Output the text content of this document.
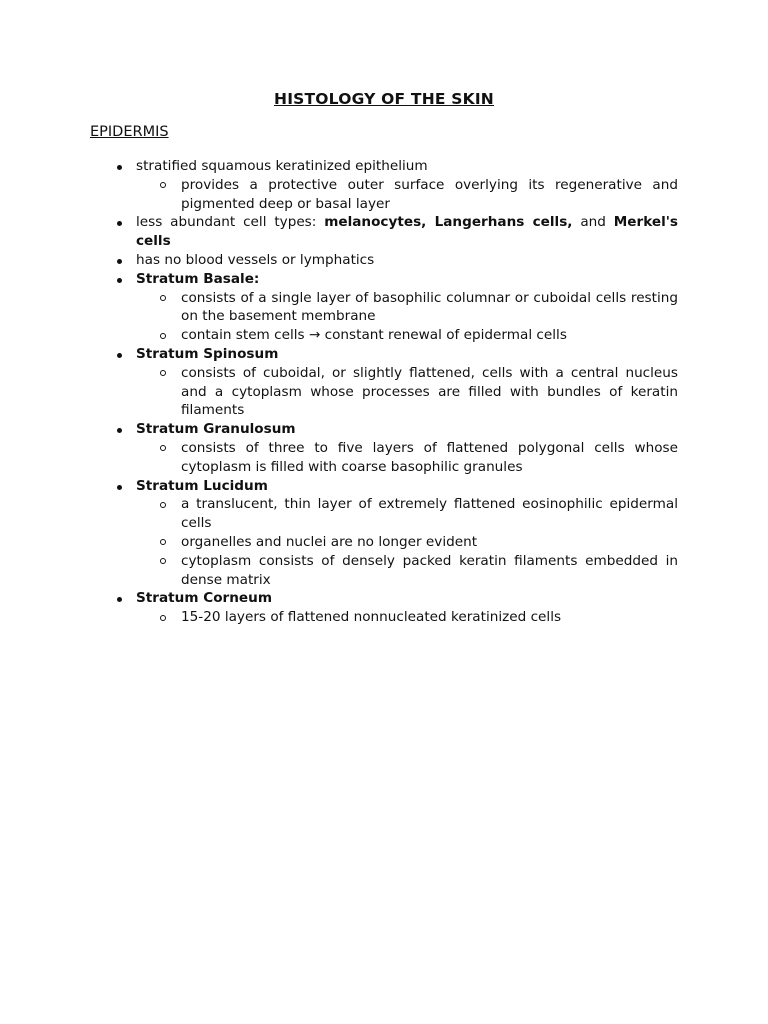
HISTOLOGY OF THE SKIN
EPIDERMIS
stratified squamous keratinized epithelium
provides a protective outer surface overlying its regenerative and pigmented deep or basal layer
less abundant cell types: melanocytes, Langerhans cells, and Merkel's cells
has no blood vessels or lymphatics
Stratum Basale:
consists of a single layer of basophilic columnar or cuboidal cells resting on the basement membrane
contain stem cells → constant renewal of epidermal cells
Stratum Spinosum
consists of cuboidal, or slightly flattened, cells with a central nucleus and a cytoplasm whose processes are filled with bundles of keratin filaments
Stratum Granulosum
consists of three to five layers of flattened polygonal cells whose cytoplasm is filled with coarse basophilic granules
Stratum Lucidum
a translucent, thin layer of extremely flattened eosinophilic epidermal cells
organelles and nuclei are no longer evident
cytoplasm consists of densely packed keratin filaments embedded in dense matrix
Stratum Corneum
15-20 layers of flattened nonnucleated keratinized cells
